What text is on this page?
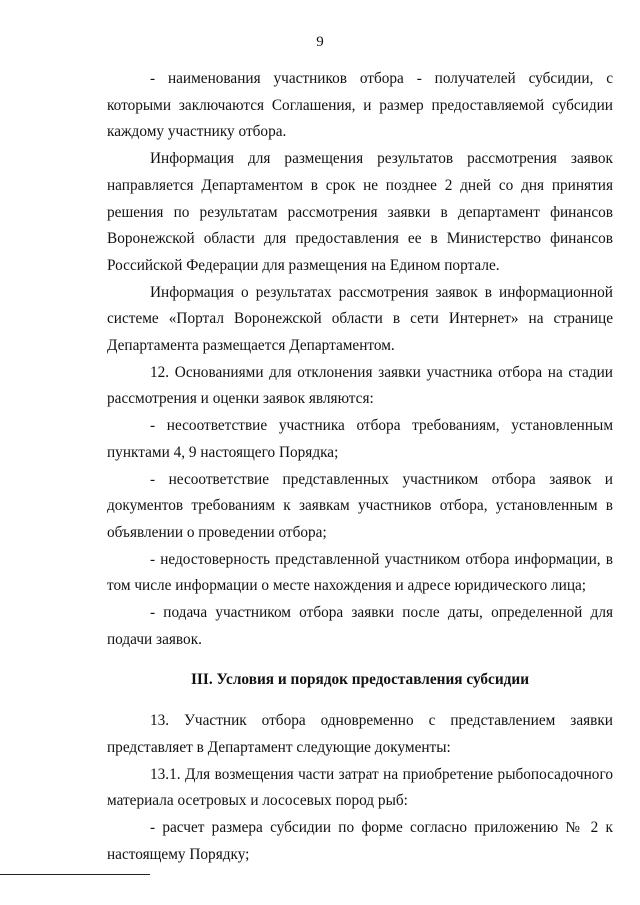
9

- наименования участников отбора - получателей субсидии, с которыми заключаются Соглашения, и размер предоставляемой субсидии каждому участнику отбора.

Информация для размещения результатов рассмотрения заявок направляется Департаментом в срок не позднее 2 дней со дня принятия решения по результатам рассмотрения заявки в департамент финансов Воронежской области для предоставления ее в Министерство финансов Российской Федерации для размещения на Едином портале.

Информация о результатах рассмотрения заявок в информационной системе «Портал Воронежской области в сети Интернет» на странице Департамента размещается Департаментом.

12. Основаниями для отклонения заявки участника отбора на стадии рассмотрения и оценки заявок являются:

- несоответствие участника отбора требованиям, установленным пунктами 4, 9 настоящего Порядка;

- несоответствие представленных участником отбора заявок и документов требованиям к заявкам участников отбора, установленным в объявлении о проведении отбора;

- недостоверность представленной участником отбора информации, в том числе информации о месте нахождения и адресе юридического лица;

- подача участником отбора заявки после даты, определенной для подачи заявок.

III. Условия и порядок предоставления субсидии

13. Участник отбора одновременно с представлением заявки представляет в Департамент следующие документы:

13.1. Для возмещения части затрат на приобретение рыбопосадочного материала осетровых и лососевых пород рыб:

- расчет размера субсидии по форме согласно приложению № 2 к настоящему Порядку;
